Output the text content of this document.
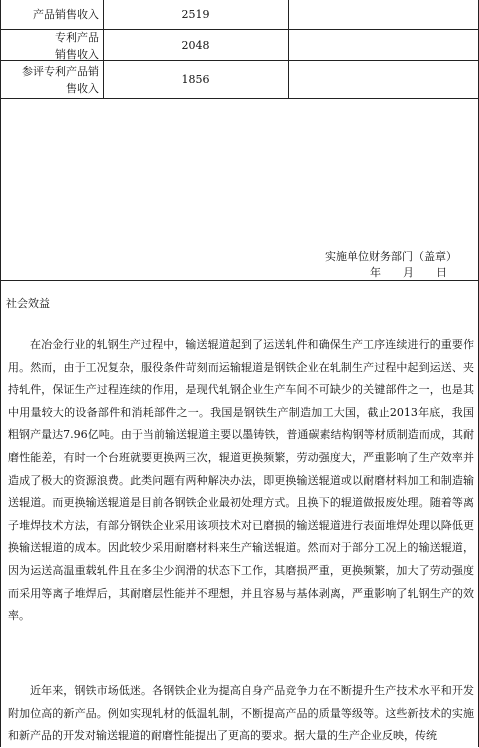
产品销售收入	2519
专利产品
销售收入
2048
参评专利产品销
售收入
1856
实施单位财务部门（盖章）
年　　月　　日
社会效益
在冶金行业的轧钢生产过程中，输送辊道起到了运送轧件和确保生产工序连续进行的重要作用。然而，由于工况复杂，服役条件苛刻而运输辊道是钢铁企业在轧制生产过程中起到运送、夹持轧件，保证生产过程连续的作用，是现代轧钢企业生产车间不可缺少的关键部件之一，也是其中用量较大的设备部件和消耗部件之一。我国是钢铁生产制造加工大国，截止2013年底，我国粗钢产量达7.96亿吨。由于当前输送辊道主要以墨铸铁，普通碳素结构钢等材质制造而成，其耐磨性能差，有时一个台班就要更换两三次，辊道更换频繁，劳动强度大，严重影响了生产效率并造成了极大的资源浪费。此类问题有两种解决办法，即更换输送辊道或以耐磨材料加工和制造输送辊道。而更换输送辊道是目前各钢铁企业最初处理方式。且换下的辊道做报废处理。随着等离子堆焊技术方法，有部分钢铁企业采用该项技术对已磨损的输送辊道进行表面堆焊处理以降低更换输送辊道的成本。因此较少采用耐磨材料来生产输送辊道。然而对于部分工况上的输送辊道，因为运送高温重载轧件且在多尘少润滑的状态下工作，其磨损严重，更换频繁，加大了劳动强度而采用等离子堆焊后，其耐磨层性能并不理想，并且容易与基体剥离，严重影响了轧钢生产的效率。
近年来，钢铁市场低迷。各钢铁企业为提高自身产品竞争力在不断提升生产技术水平和开发附加位高的新产品。例如实现轧材的低温轧制，不断提高产品的质量等级等。这些新技术的实施和新产品的开发对输送辊道的耐磨性能提出了更高的要求。据大量的生产企业反映，传统
